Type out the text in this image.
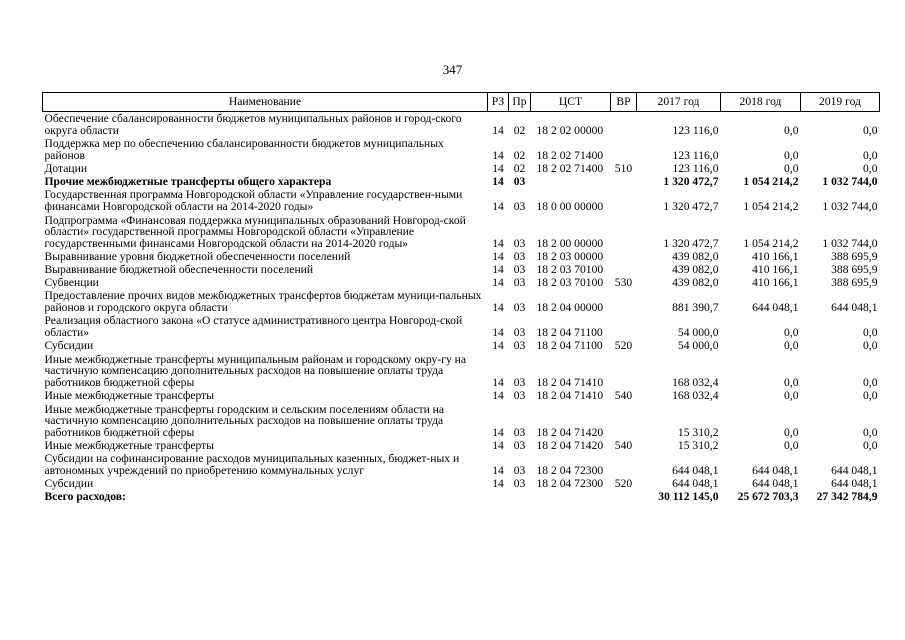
347
Наименование	РЗ	Пр	ЦСТ	ВР	2017 год	2018 год	2019 год
Обеспечение сбалансированности бюджетов муниципальных районов и город-ского округа области	14	02	18 2 02 00000		123 116,0	0,0	0,0
Поддержка мер по обеспечению сбалансированности бюджетов муниципальных районов	14	02	18 2 02 71400		123 116,0	0,0	0,0
Дотации	14	02	18 2 02 71400	510	123 116,0	0,0	0,0
Прочие межбюджетные трансферты общего характера	14	03			1 320 472,7	1 054 214,2	1 032 744,0
Государственная программа Новгородской области «Управление государствен-ными финансами Новгородской области на 2014-2020 годы»	14	03	18 0 00 00000		1 320 472,7	1 054 214,2	1 032 744,0
Подпрограмма «Финансовая поддержка муниципальных образований Новгород-ской области» государственной программы Новгородской области «Управление государственными финансами Новгородской области на 2014-2020 годы»	14	03	18 2 00 00000		1 320 472,7	1 054 214,2	1 032 744,0
Выравнивание уровня бюджетной обеспеченности поселений	14	03	18 2 03 00000		439 082,0	410 166,1	388 695,9
Выравнивание бюджетной обеспеченности поселений	14	03	18 2 03 70100		439 082,0	410 166,1	388 695,9
Субвенции	14	03	18 2 03 70100	530	439 082,0	410 166,1	388 695,9
Предоставление прочих видов межбюджетных трансфертов бюджетам муници-пальных районов и городского округа области	14	03	18 2 04 00000		881 390,7	644 048,1	644 048,1
Реализация областного закона «О статусе административного центра Новгород-ской области»	14	03	18 2 04 71100		54 000,0	0,0	0,0
Субсидии	14	03	18 2 04 71100	520	54 000,0	0,0	0,0
Иные межбюджетные трансферты муниципальным районам и городскому окру-гу на частичную компенсацию дополнительных расходов на повышение оплаты труда работников бюджетной сферы	14	03	18 2 04 71410		168 032,4	0,0	0,0
Иные межбюджетные трансферты	14	03	18 2 04 71410	540	168 032,4	0,0	0,0
Иные межбюджетные трансферты городским и сельским поселениям области на частичную компенсацию дополнительных расходов на повышение оплаты труда работников бюджетной сферы	14	03	18 2 04 71420		15 310,2	0,0	0,0
Иные межбюджетные трансферты	14	03	18 2 04 71420	540	15 310,2	0,0	0,0
Субсидии на софинансирование расходов муниципальных казенных, бюджет-ных и автономных учреждений по приобретению коммунальных услуг	14	03	18 2 04 72300		644 048,1	644 048,1	644 048,1
Субсидии	14	03	18 2 04 72300	520	644 048,1	644 048,1	644 048,1
Всего расходов:					30 112 145,0	25 672 703,3	27 342 784,9
